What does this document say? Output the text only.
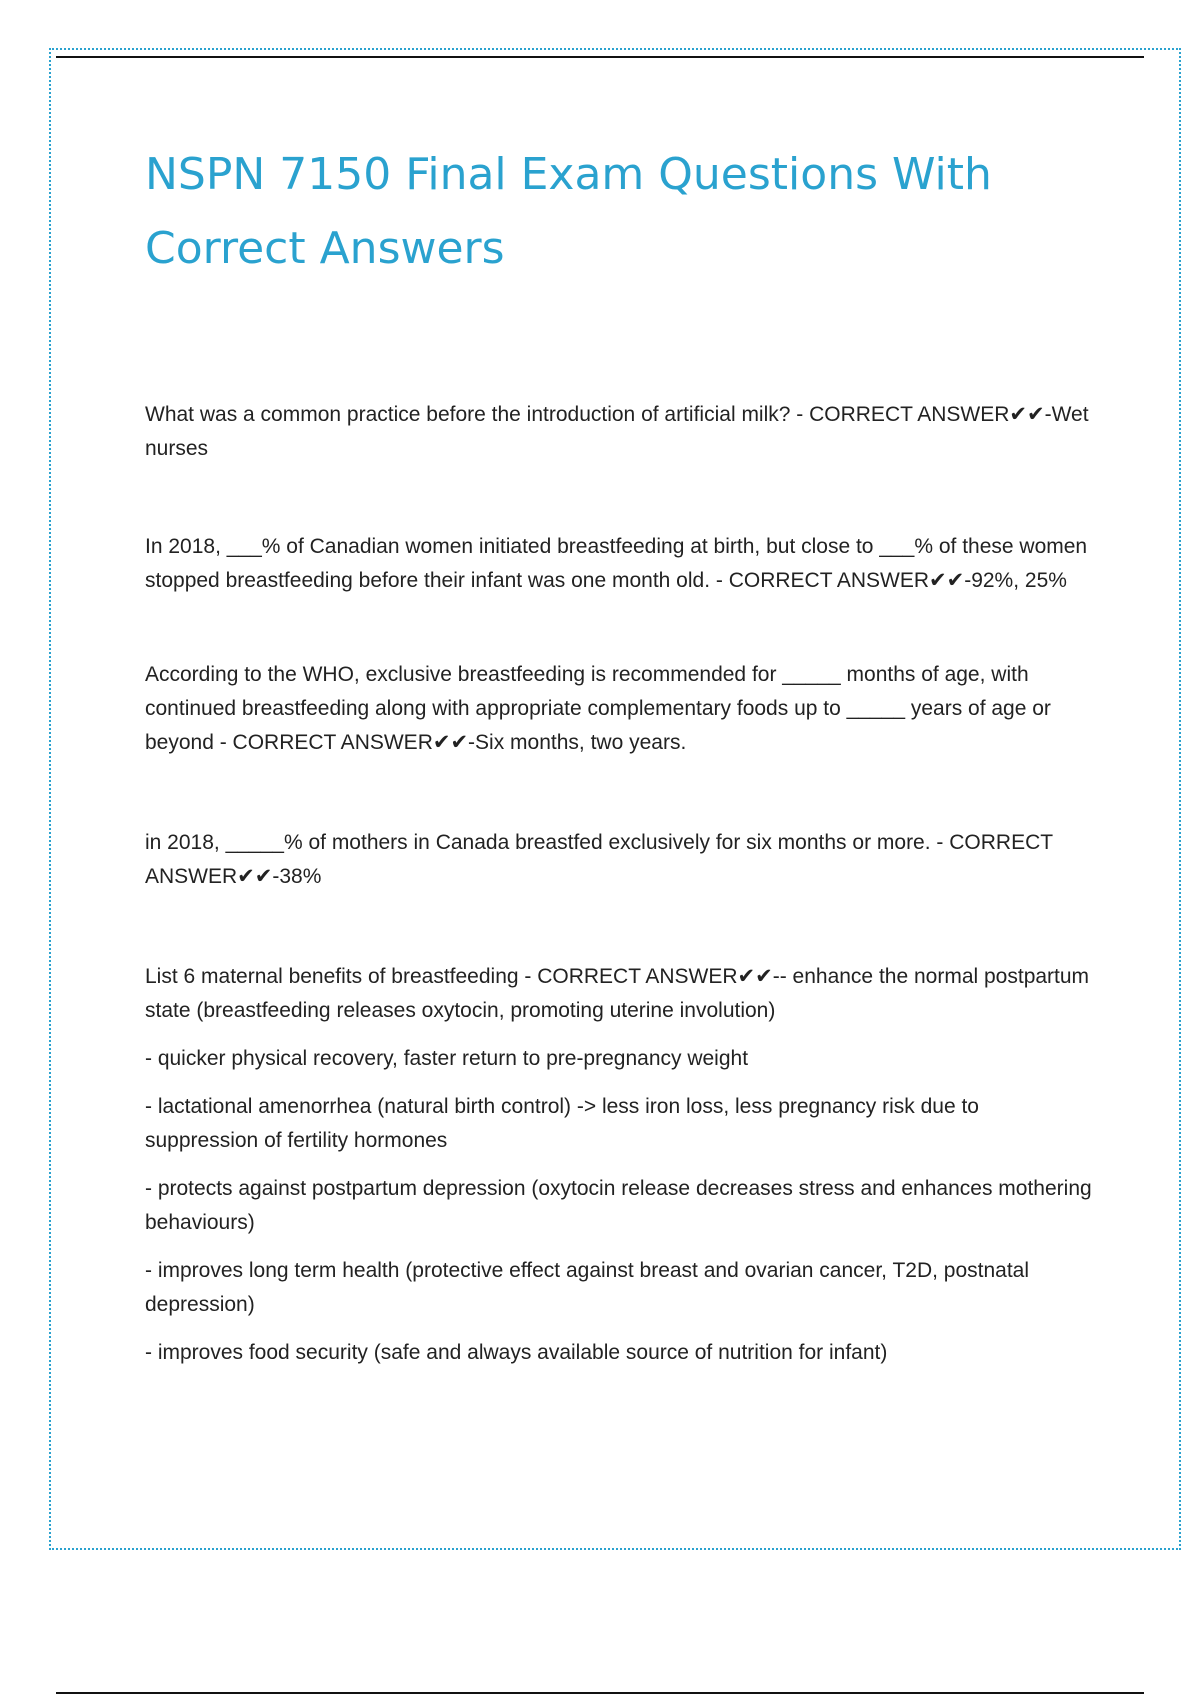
NSPN 7150 Final Exam Questions With Correct Answers

What was a common practice before the introduction of artificial milk? - CORRECT ANSWER✔✔-Wet nurses

In 2018, ___% of Canadian women initiated breastfeeding at birth, but close to ___% of these women stopped breastfeeding before their infant was one month old. - CORRECT ANSWER✔✔-92%, 25%

According to the WHO, exclusive breastfeeding is recommended for _____ months of age, with continued breastfeeding along with appropriate complementary foods up to _____ years of age or beyond - CORRECT ANSWER✔✔-Six months, two years.

in 2018, _____% of mothers in Canada breastfed exclusively for six months or more. - CORRECT ANSWER✔✔-38%

List 6 maternal benefits of breastfeeding - CORRECT ANSWER✔✔-- enhance the normal postpartum state (breastfeeding releases oxytocin, promoting uterine involution)

- quicker physical recovery, faster return to pre-pregnancy weight

- lactational amenorrhea (natural birth control) -> less iron loss, less pregnancy risk due to suppression of fertility hormones

- protects against postpartum depression (oxytocin release decreases stress and enhances mothering behaviours)

- improves long term health (protective effect against breast and ovarian cancer, T2D, postnatal depression)

- improves food security (safe and always available source of nutrition for infant)
